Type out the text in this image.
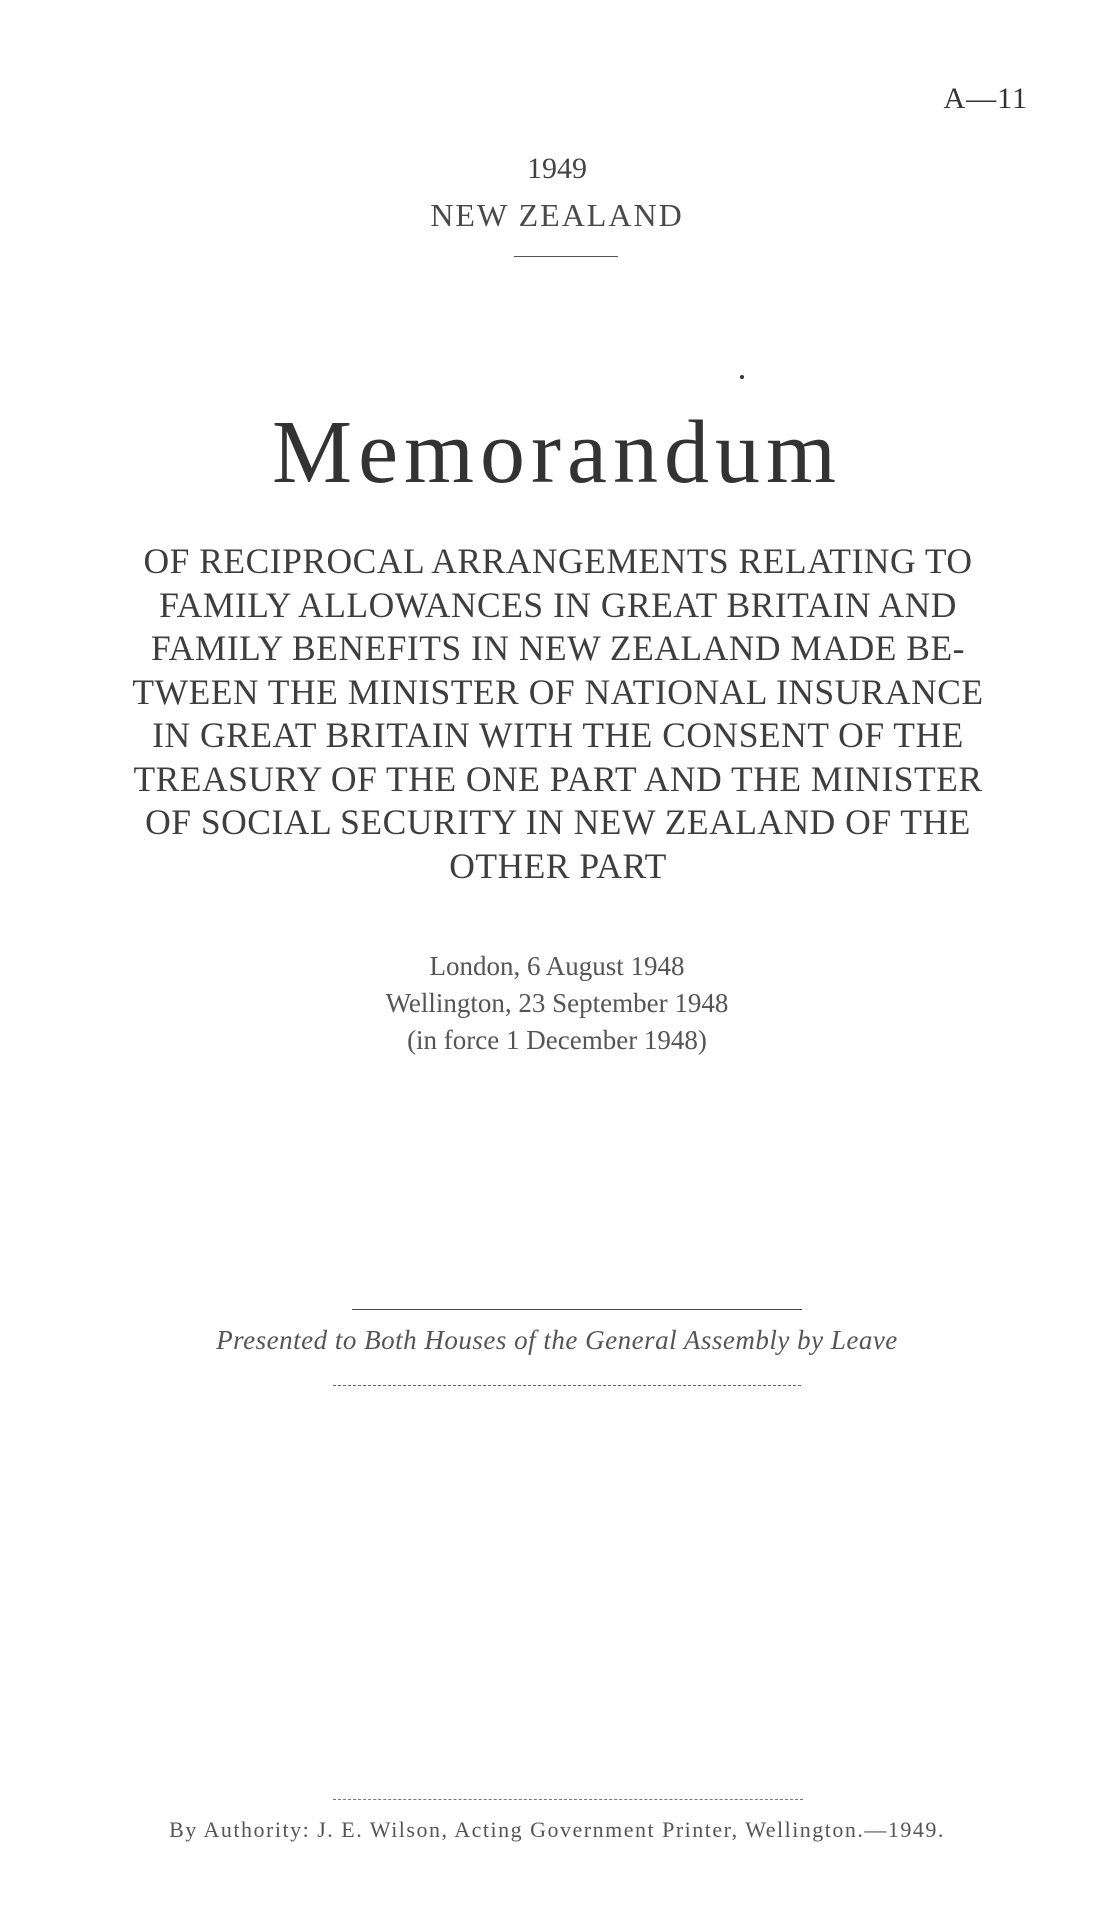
A—11
1949
NEW ZEALAND
Memorandum
OF RECIPROCAL ARRANGEMENTS RELATING TO
FAMILY ALLOWANCES IN GREAT BRITAIN AND
FAMILY BENEFITS IN NEW ZEALAND MADE BE-
TWEEN THE MINISTER OF NATIONAL INSURANCE
IN GREAT BRITAIN WITH THE CONSENT OF THE
TREASURY OF THE ONE PART AND THE MINISTER
OF SOCIAL SECURITY IN NEW ZEALAND OF THE
OTHER PART
London, 6 August 1948
Wellington, 23 September 1948
(in force 1 December 1948)
Presented to Both Houses of the General Assembly by Leave
By Authority: J. E. Wilson, Acting Government Printer, Wellington.—1949.
